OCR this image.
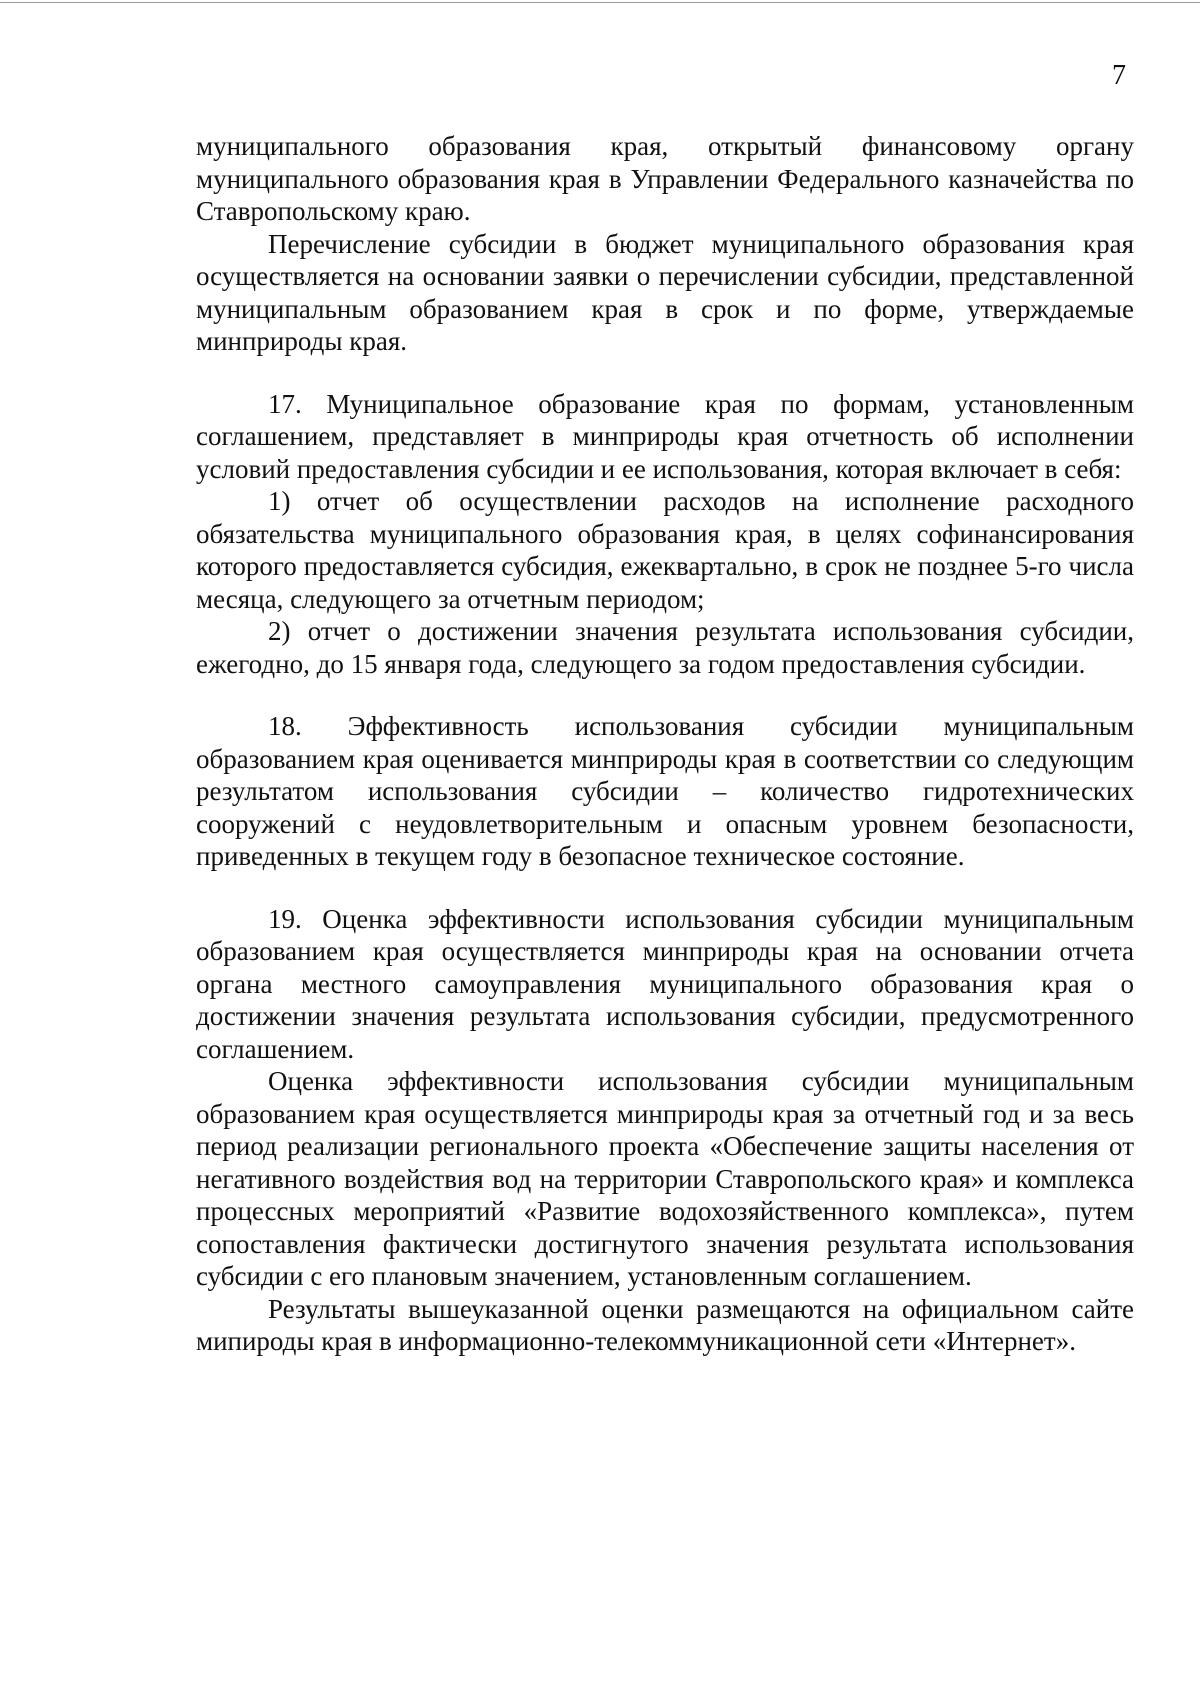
7

муниципального образования края, открытый финансовому органу муниципального образования края в Управлении Федерального казначейства по Ставропольскому краю.

Перечисление субсидии в бюджет муниципального образования края осуществляется на основании заявки о перечислении субсидии, представленной муниципальным образованием края в срок и по форме, утверждаемые минприроды края.

17. Муниципальное образование края по формам, установленным соглашением, представляет в минприроды края отчетность об исполнении условий предоставления субсидии и ее использования, которая включает в себя:

1) отчет об осуществлении расходов на исполнение расходного обязательства муниципального образования края, в целях софинансирования которого предоставляется субсидия, ежеквартально, в срок не позднее 5-го числа месяца, следующего за отчетным периодом;

2) отчет о достижении значения результата использования субсидии, ежегодно, до 15 января года, следующего за годом предоставления субсидии.

18. Эффективность использования субсидии муниципальным образованием края оценивается минприроды края в соответствии со следующим результатом использования субсидии – количество гидротехнических сооружений с неудовлетворительным и опасным уровнем безопасности, приведенных в текущем году в безопасное техническое состояние.

19. Оценка эффективности использования субсидии муниципальным образованием края осуществляется минприроды края на основании отчета органа местного самоуправления муниципального образования края о достижении значения результата использования субсидии, предусмотренного соглашением.

Оценка эффективности использования субсидии муниципальным образованием края осуществляется минприроды края за отчетный год и за весь период реализации регионального проекта «Обеспечение защиты населения от негативного воздействия вод на территории Ставропольского края» и комплекса процессных мероприятий «Развитие водохозяйственного комплекса», путем сопоставления фактически достигнутого значения результата использования субсидии с его плановым значением, установленным соглашением.

Результаты вышеуказанной оценки размещаются на официальном сайте мипироды края в информационно-телекоммуникационной сети «Интернет».
